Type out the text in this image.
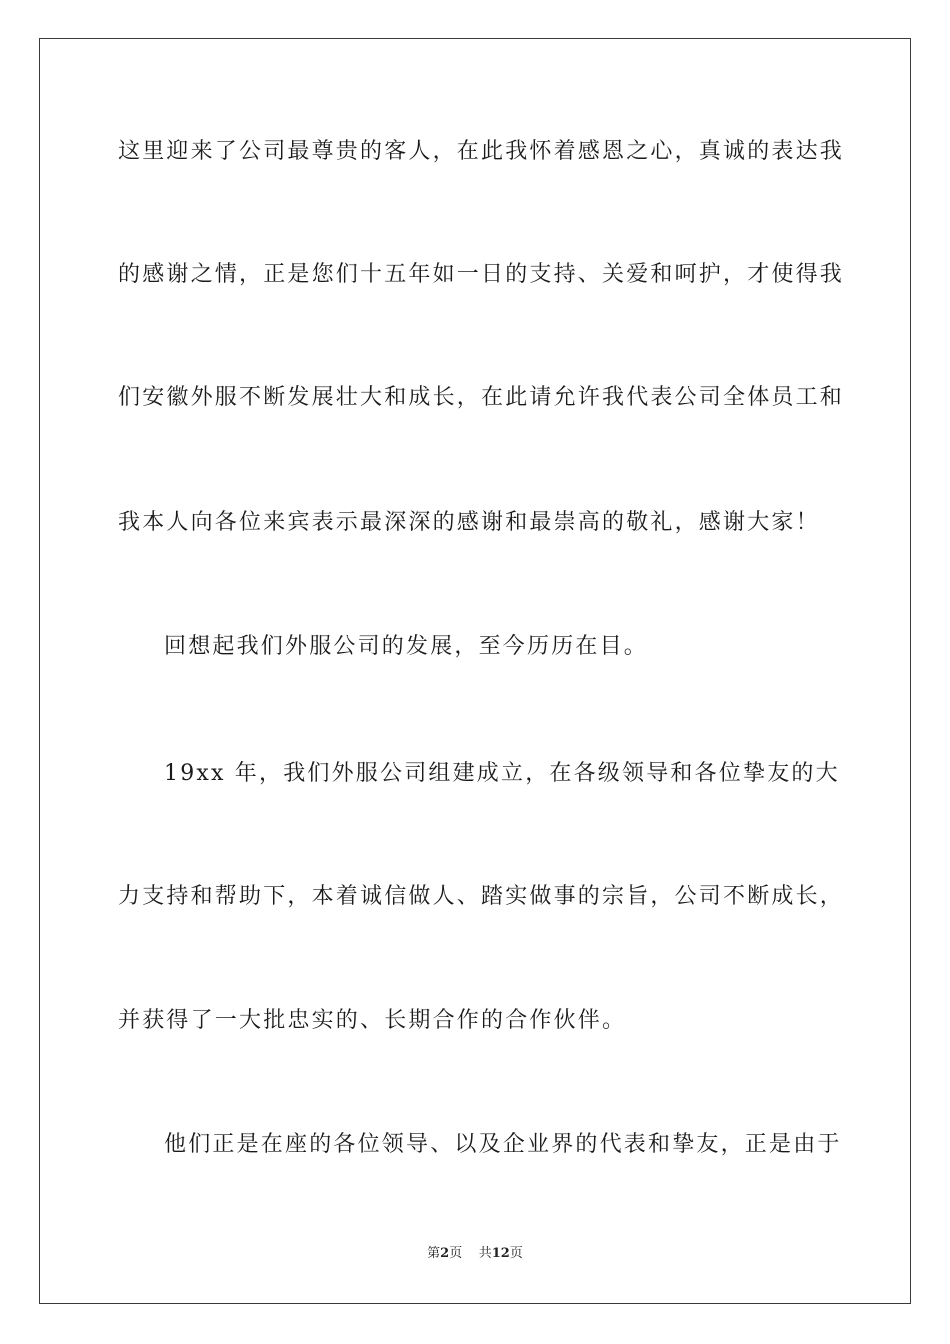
这里迎来了公司最尊贵的客人，在此我怀着感恩之心，真诚的表达我
的感谢之情，正是您们十五年如一日的支持、关爱和呵护，才使得我
们安徽外服不断发展壮大和成长，在此请允许我代表公司全体员工和
我本人向各位来宾表示最深深的感谢和最崇高的敬礼，感谢大家！
回想起我们外服公司的发展，至今历历在目。
19xx 年，我们外服公司组建成立，在各级领导和各位挚友的大
力支持和帮助下，本着诚信做人、踏实做事的宗旨，公司不断成长，
并获得了一大批忠实的、长期合作的合作伙伴。
他们正是在座的各位领导、以及企业界的代表和挚友，正是由于
第2页 共12页
